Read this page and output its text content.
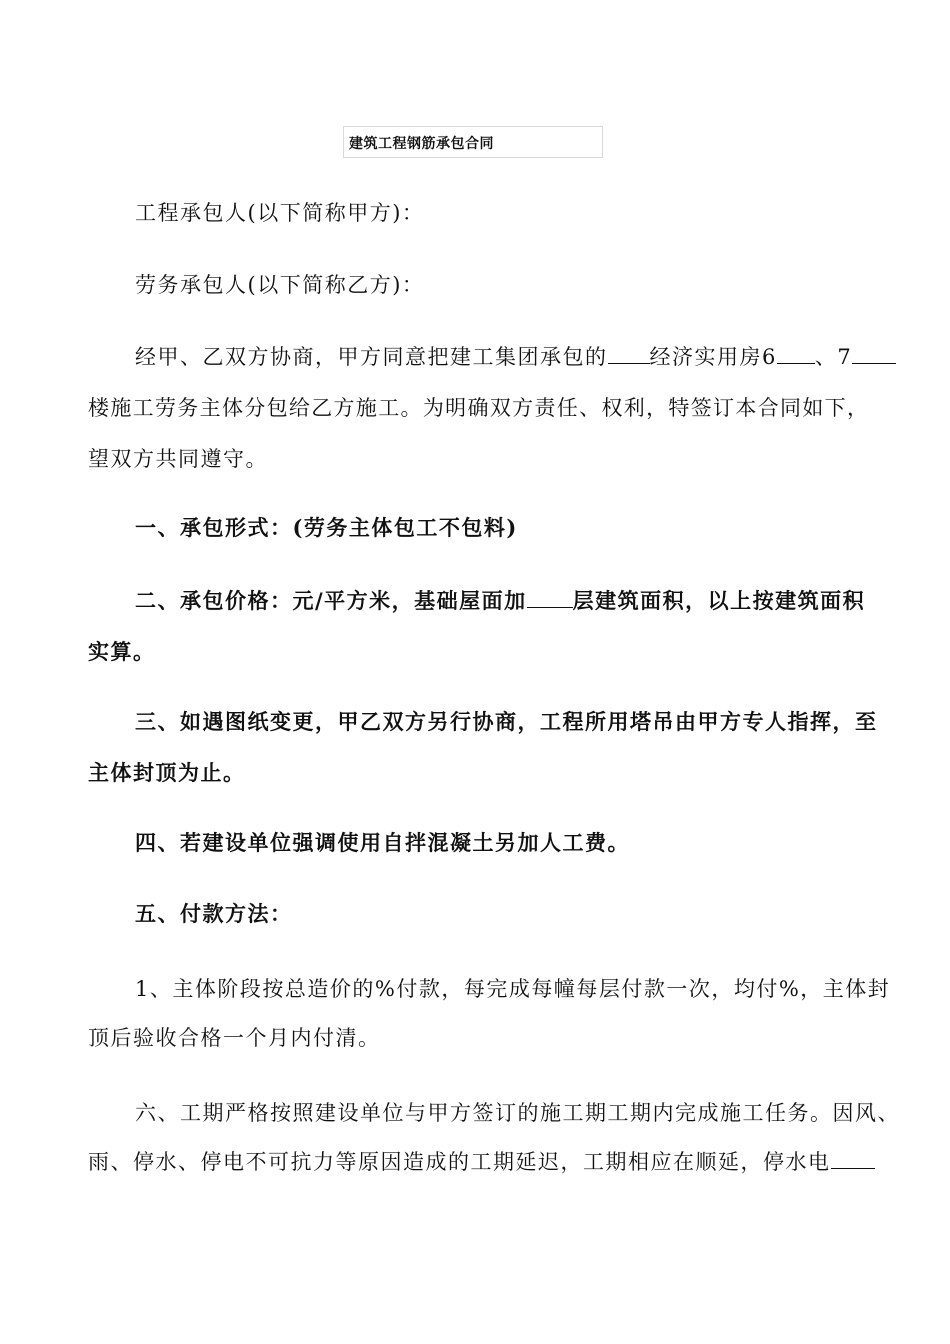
建筑工程钢筋承包合同
工程承包人(以下简称甲方)：
劳务承包人(以下简称乙方)：
经甲、乙双方协商，甲方同意把建工集团承包的 经济实用房6 、7
楼施工劳务主体分包给乙方施工。为明确双方责任、权利，特签订本合同如下，
望双方共同遵守。
一、承包形式：(劳务主体包工不包料)
二、承包价格：元/平方米，基础屋面加 层建筑面积，以上按建筑面积
实算。
三、如遇图纸变更，甲乙双方另行协商，工程所用塔吊由甲方专人指挥，至
主体封顶为止。
四、若建设单位强调使用自拌混凝土另加人工费。
五、付款方法：
1、主体阶段按总造价的%付款，每完成每幢每层付款一次，均付%，主体封
顶后验收合格一个月内付清。
六、工期严格按照建设单位与甲方签订的施工期工期内完成施工任务。因风、
雨、停水、停电不可抗力等原因造成的工期延迟，工期相应在顺延，停水电
